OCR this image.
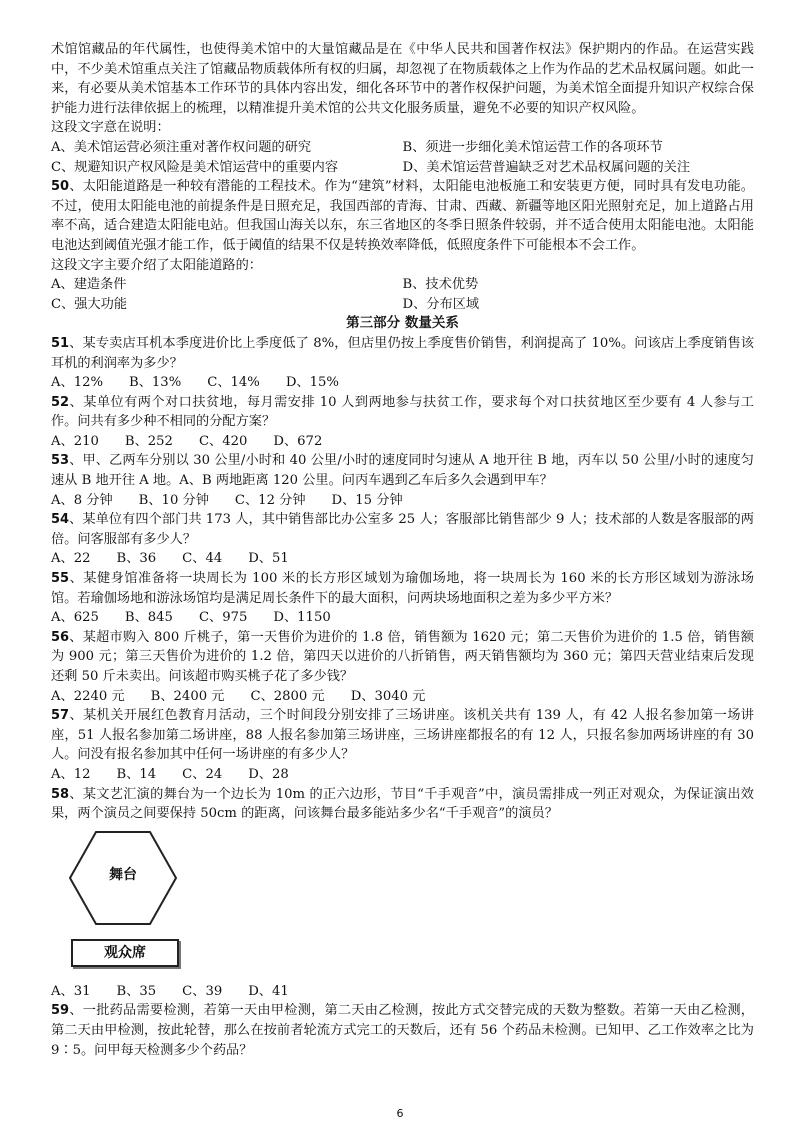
术馆馆藏品的年代属性，也使得美术馆中的大量馆藏品是在《中华人民共和国著作权法》保护期内的作品。在运营实践中，不少美术馆重点关注了馆藏品物质载体所有权的归属，却忽视了在物质载体之上作为作品的艺术品权属问题。如此一来，有必要从美术馆基本工作环节的具体内容出发，细化各环节中的著作权保护问题，为美术馆全面提升知识产权综合保护能力进行法律依据上的梳理，以精准提升美术馆的公共文化服务质量，避免不必要的知识产权风险。

这段文字意在说明：

A、美术馆运营必须注重对著作权问题的研究	B、须进一步细化美术馆运营工作的各项环节
C、规避知识产权风险是美术馆运营中的重要内容	D、美术馆运营普遍缺乏对艺术品权属问题的关注

50、太阳能道路是一种较有潜能的工程技术。作为“建筑”材料，太阳能电池板施工和安装更方便，同时具有发电功能。不过，使用太阳能电池的前提条件是日照充足，我国西部的青海、甘肃、西藏、新疆等地区阳光照射充足，加上道路占用率不高，适合建造太阳能电站。但我国山海关以东，东三省地区的冬季日照条件较弱，并不适合使用太阳能电池。太阳能电池达到阈值光强才能工作，低于阈值的结果不仅是转换效率降低，低照度条件下可能根本不会工作。

这段文字主要介绍了太阳能道路的：

A、建造条件	B、技术优势
C、强大功能	D、分布区域
第三部分 数量关系

51、某专卖店耳机本季度进价比上季度低了 8%，但店里仍按上季度售价销售，利润提高了 10%。问该店上季度销售该耳机的利润率为多少？

A、12% B、13% C、14% D、15%

52、某单位有两个对口扶贫地，每月需安排 10 人到两地参与扶贫工作，要求每个对口扶贫地区至少要有 4 人参与工作。问共有多少种不相同的分配方案？

A、210 B、252 C、420 D、672

53、甲、乙两车分别以 30 公里/小时和 40 公里/小时的速度同时匀速从 A 地开往 B 地，丙车以 50 公里/小时的速度匀速从 B 地开往 A 地。A、B 两地距离 120 公里。问丙车遇到乙车后多久会遇到甲车？

A、8 分钟 B、10 分钟 C、12 分钟 D、15 分钟

54、某单位有四个部门共 173 人，其中销售部比办公室多 25 人；客服部比销售部少 9 人；技术部的人数是客服部的两倍。问客服部有多少人？

A、22 B、36 C、44 D、51

55、某健身馆准备将一块周长为 100 米的长方形区域划为瑜伽场地，将一块周长为 160 米的长方形区域划为游泳场馆。若瑜伽场地和游泳场馆均是满足周长条件下的最大面积，问两块场地面积之差为多少平方米？

A、625 B、845 C、975 D、1150

56、某超市购入 800 斤桃子，第一天售价为进价的 1.8 倍，销售额为 1620 元；第二天售价为进价的 1.5 倍，销售额为 900 元；第三天售价为进价的 1.2 倍，第四天以进价的八折销售，两天销售额均为 360 元；第四天营业结束后发现还剩 50 斤未卖出。问该超市购买桃子花了多少钱？

A、2240 元 B、2400 元 C、2800 元 D、3040 元

57、某机关开展红色教育月活动，三个时间段分别安排了三场讲座。该机关共有 139 人，有 42 人报名参加第一场讲座，51 人报名参加第二场讲座，88 人报名参加第三场讲座，三场讲座都报名的有 12 人，只报名参加两场讲座的有 30 人。问没有报名参加其中任何一场讲座的有多少人？

A、12 B、14 C、24 D、28

58、某文艺汇演的舞台为一个边长为 10m 的正六边形，节目“千手观音”中，演员需排成一列正对观众，为保证演出效果，两个演员之间要保持 50cm 的距离，问该舞台最多能站多少名“千手观音”的演员？

舞台
观众席
A、31 B、35 C、39 D、41

59、一批药品需要检测，若第一天由甲检测，第二天由乙检测，按此方式交替完成的天数为整数。若第一天由乙检测，第二天由甲检测，按此轮替，那么在按前者轮流方式完工的天数后，还有 56 个药品未检测。已知甲、乙工作效率之比为 9∶5。问甲每天检测多少个药品？

6
